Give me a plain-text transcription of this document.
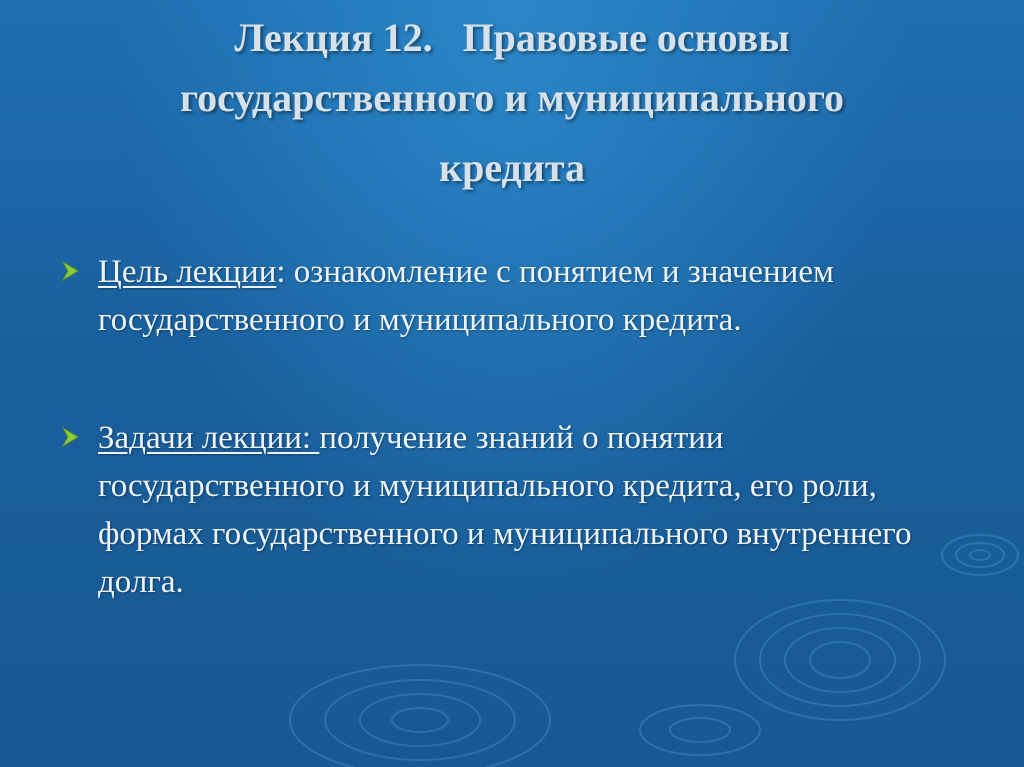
Лекция 12.   Правовые основы
государственного и муниципального
кредита
Цель лекции: ознакомление с понятием и значением государственного и муниципального кредита.
Задачи лекции: получение знаний о понятии государственного и муниципального кредита, его роли, формах государственного и муниципального внутреннего долга.
